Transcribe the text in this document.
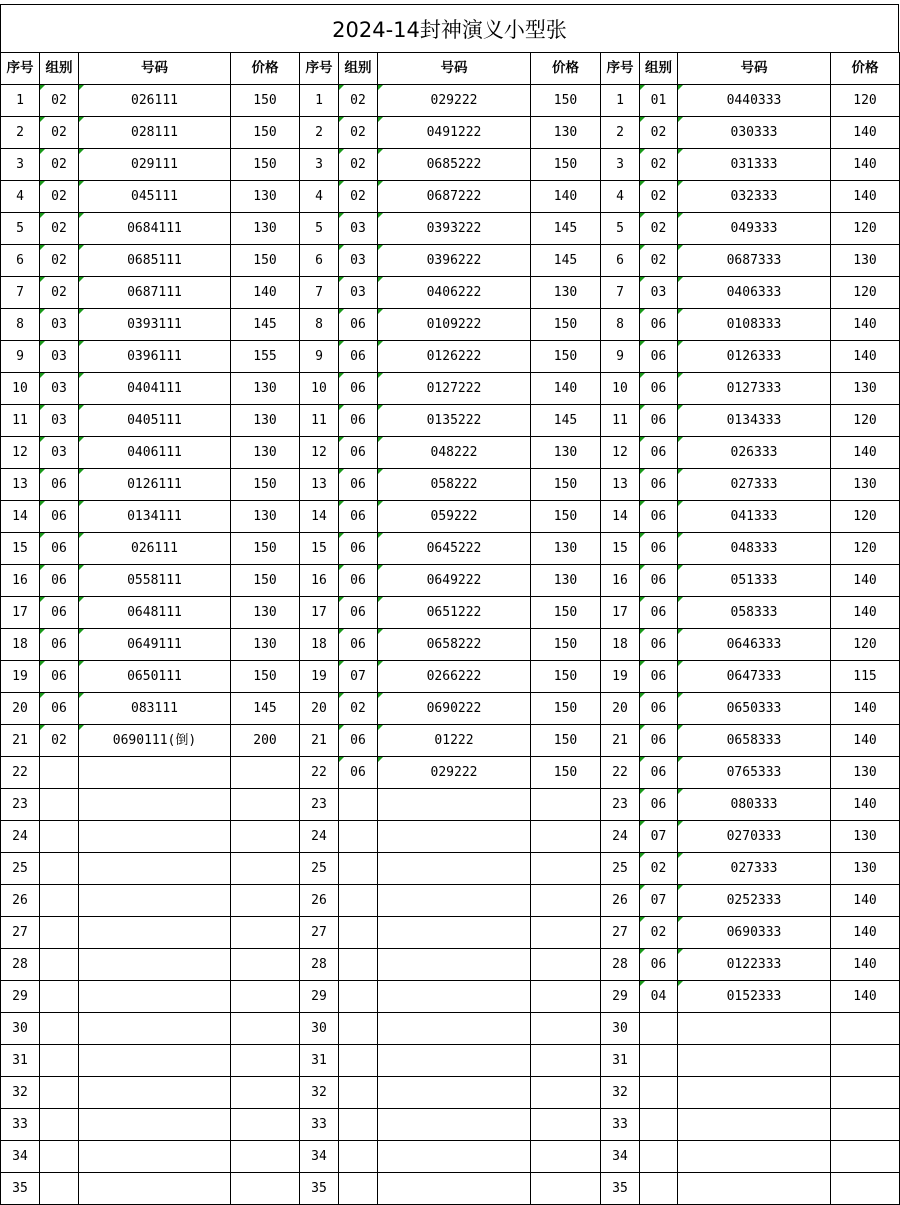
2024-14封神演义小型张
序号	组别	号码	价格	序号	组别	号码	价格	序号	组别	号码	价格
1	02	026111	150	1	02	029222	150	1	01	0440333	120
2	02	028111	150	2	02	0491222	130	2	02	030333	140
3	02	029111	150	3	02	0685222	150	3	02	031333	140
4	02	045111	130	4	02	0687222	140	4	02	032333	140
5	02	0684111	130	5	03	0393222	145	5	02	049333	120
6	02	0685111	150	6	03	0396222	145	6	02	0687333	130
7	02	0687111	140	7	03	0406222	130	7	03	0406333	120
8	03	0393111	145	8	06	0109222	150	8	06	0108333	140
9	03	0396111	155	9	06	0126222	150	9	06	0126333	140
10	03	0404111	130	10	06	0127222	140	10	06	0127333	130
11	03	0405111	130	11	06	0135222	145	11	06	0134333	120
12	03	0406111	130	12	06	048222	130	12	06	026333	140
13	06	0126111	150	13	06	058222	150	13	06	027333	130
14	06	0134111	130	14	06	059222	150	14	06	041333	120
15	06	026111	150	15	06	0645222	130	15	06	048333	120
16	06	0558111	150	16	06	0649222	130	16	06	051333	140
17	06	0648111	130	17	06	0651222	150	17	06	058333	140
18	06	0649111	130	18	06	0658222	150	18	06	0646333	120
19	06	0650111	150	19	07	0266222	150	19	06	0647333	115
20	06	083111	145	20	02	0690222	150	20	06	0650333	140
21	02	0690111(倒)	200	21	06	01222	150	21	06	0658333	140
22				22	06	029222	150	22	06	0765333	130
23				23				23	06	080333	140
24				24				24	07	0270333	130
25				25				25	02	027333	130
26				26				26	07	0252333	140
27				27				27	02	0690333	140
28				28				28	06	0122333	140
29				29				29	04	0152333	140
30				30				30			
31				31				31			
32				32				32			
33				33				33			
34				34				34			
35				35				35			
